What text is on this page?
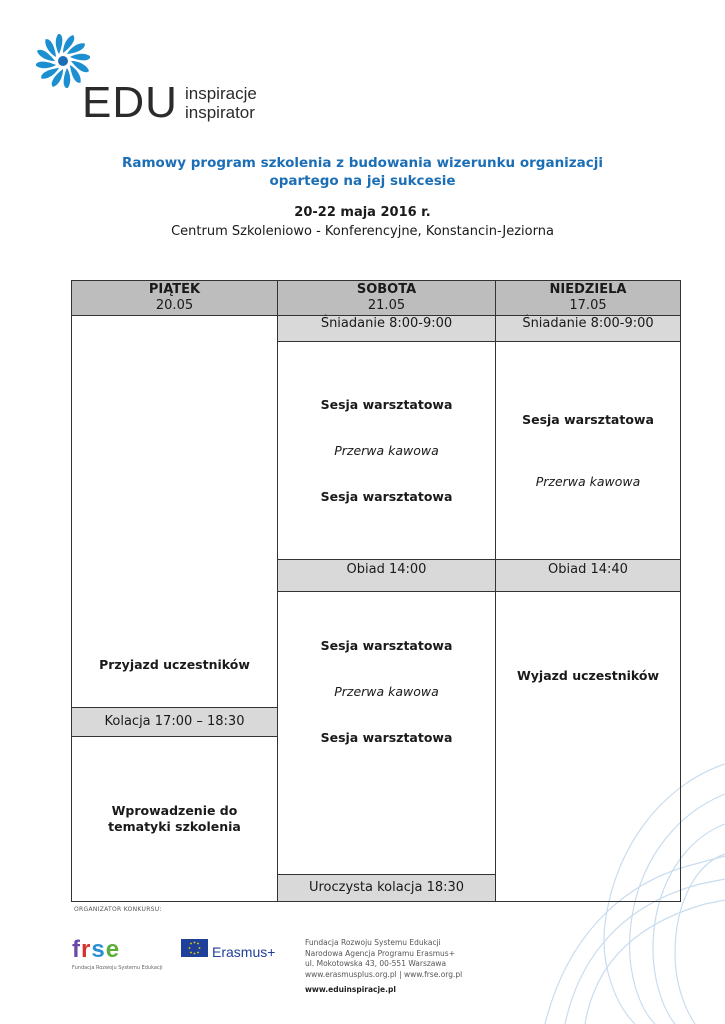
EDU inspiracje
inspirator
Ramowy program szkolenia z budowania wizerunku organizacji
opartego na jej sukcesie
20-22 maja 2016 r.
Centrum Szkoleniowo - Konferencyjne, Konstancin-Jeziorna
PIĄTEK
20.05
SOBOTA
21.05
NIEDZIELA
17.05
Przyjazd uczestników
Kolacja 17:00 – 18:30
Wprowadzenie do tematyki szkolenia
Śniadanie 8:00-9:00
Sesja warsztatowa
Przerwa kawowa
Sesja warsztatowa
Obiad 14:00
Sesja warsztatowa
Przerwa kawowa
Sesja warsztatowa
Uroczysta kolacja 18:30
Śniadanie 8:00-9:00
Sesja warsztatowa
Przerwa kawowa
Obiad 14:40
Wyjazd uczestników
ORGANIZATOR KONKURSU:
frse
Fundacja Rozwoju Systemu Edukacji
Erasmus+
Fundacja Rozwoju Systemu Edukacji
Narodowa Agencja Programu Erasmus+
ul. Mokotowska 43, 00-551 Warszawa
www.erasmusplus.org.pl | www.frse.org.pl
www.eduinspiracje.pl
